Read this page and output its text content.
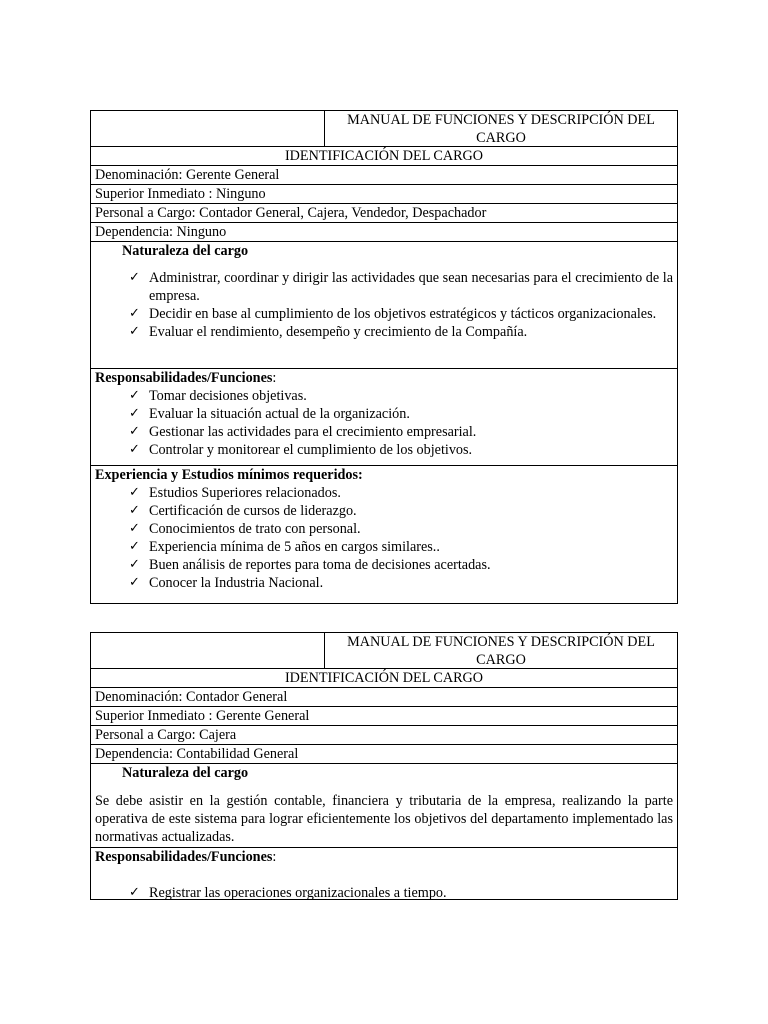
MANUAL DE FUNCIONES Y DESCRIPCIÓN DEL CARGO
IDENTIFICACIÓN DEL CARGO
Denominación: Gerente General
Superior Inmediato : Ninguno
Personal a Cargo: Contador General, Cajera, Vendedor, Despachador
Dependencia: Ninguno
Naturaleza del cargo
✓ Administrar, coordinar y dirigir las actividades que sean necesarias para el crecimiento de la empresa.
✓ Decidir en base al cumplimiento de los objetivos estratégicos y tácticos organizacionales.
✓ Evaluar el rendimiento, desempeño y crecimiento de la Compañía.
Responsabilidades/Funciones:
✓ Tomar decisiones objetivas.
✓ Evaluar la situación actual de la organización.
✓ Gestionar las actividades para el crecimiento empresarial.
✓ Controlar y monitorear el cumplimiento de los objetivos.
Experiencia y Estudios mínimos requeridos:
✓ Estudios Superiores relacionados.
✓ Certificación de cursos de liderazgo.
✓ Conocimientos de trato con personal.
✓ Experiencia mínima de 5 años en cargos similares..
✓ Buen análisis de reportes para toma de decisiones acertadas.
✓ Conocer la Industria Nacional.
MANUAL DE FUNCIONES Y DESCRIPCIÓN DEL CARGO
IDENTIFICACIÓN DEL CARGO
Denominación: Contador General
Superior Inmediato : Gerente General
Personal a Cargo: Cajera
Dependencia: Contabilidad General
Naturaleza del cargo
Se debe asistir en la gestión contable, financiera y tributaria de la empresa, realizando la parte operativa de este sistema para lograr eficientemente los objetivos del departamento implementado las normativas actualizadas.
Responsabilidades/Funciones:
✓ Registrar las operaciones organizacionales a tiempo.
